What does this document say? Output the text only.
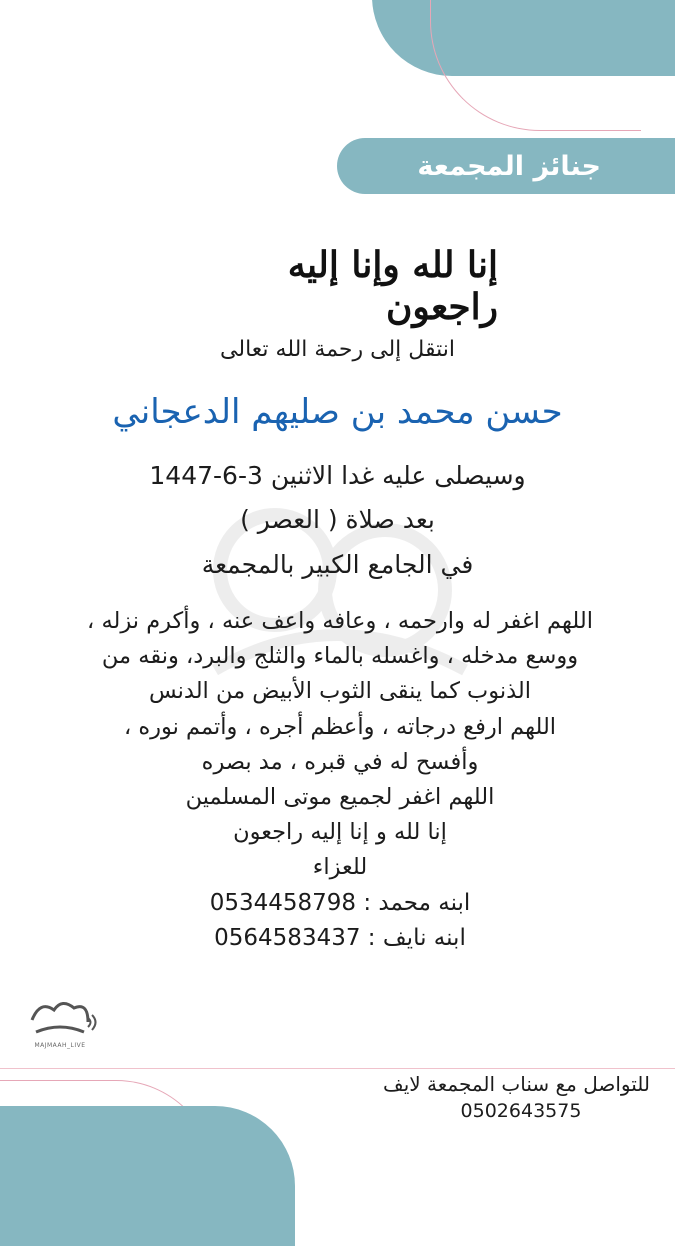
جنائز المجمعة
إنا لله وإنا إليه راجعون
انتقل إلى رحمة الله تعالى
حسن محمد بن صليهم الدعجاني
وسيصلى عليه غدا الاثنين 3-6-1447
بعد صلاة ( العصر )
في الجامع الكبير بالمجمعة
اللهم اغفر له وارحمه ، وعافه واعف عنه ، وأكرم نزله ،
ووسع مدخله ، واغسله بالماء والثلج والبرد، ونقه من
الذنوب كما ينقى الثوب الأبيض من الدنس
اللهم ارفع درجاته ، وأعظم أجره ، وأتمم نوره ،
وأفسح له في قبره ، مد بصره
اللهم اغفر لجميع موتى المسلمين
إنا لله و إنا إليه راجعون
للعزاء
ابنه محمد : 0534458798
ابنه نايف : 0564583437
MAJMAAH_LIVE
للتواصل مع سناب المجمعة لايف
0502643575
